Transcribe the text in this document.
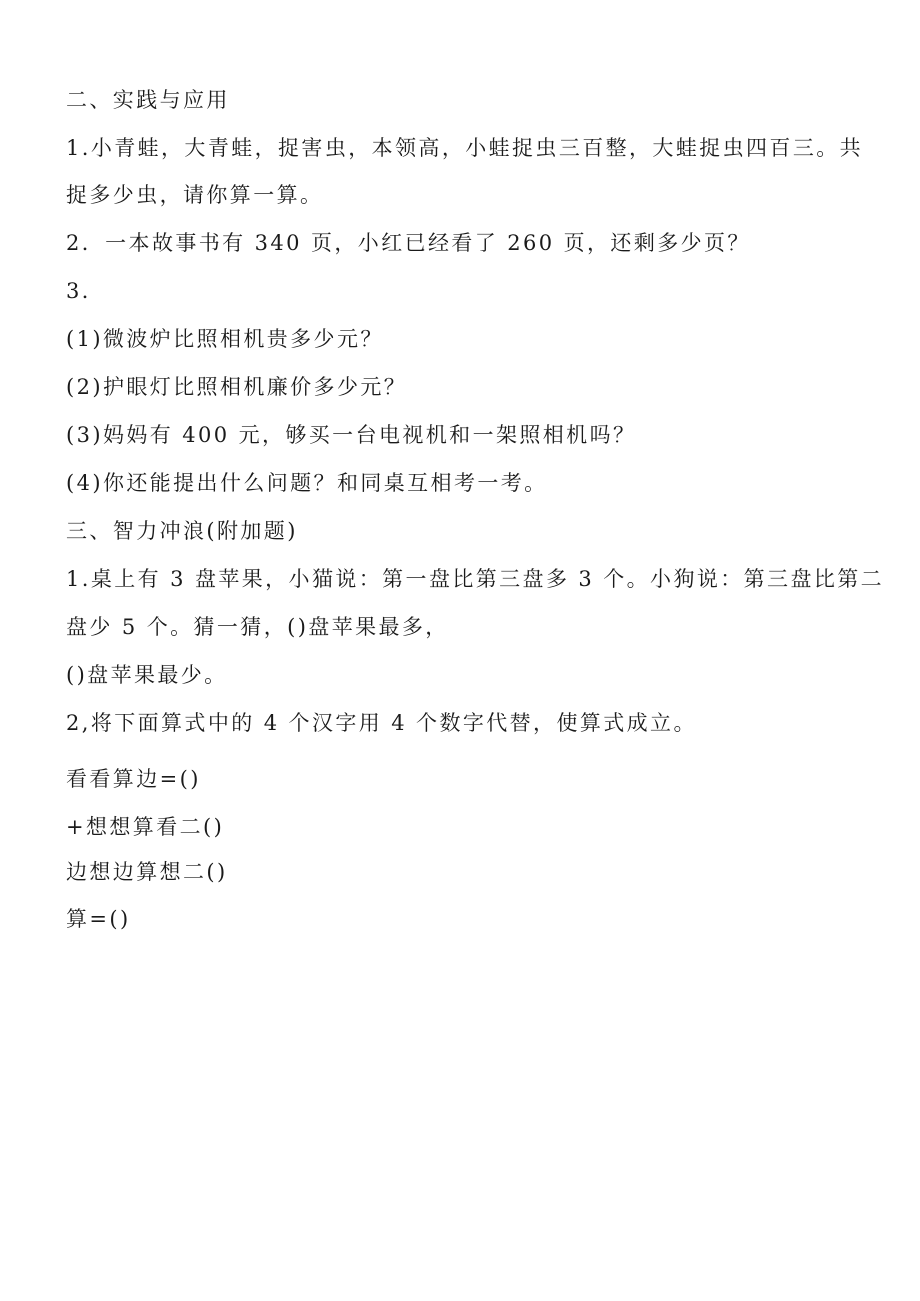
二、实践与应用
1.小青蛙，大青蛙，捉害虫，本领高，小蛙捉虫三百整，大蛙捉虫四百三。共
捉多少虫，请你算一算。
2．一本故事书有 340 页，小红已经看了 260 页，还剩多少页？
3．
(1)微波炉比照相机贵多少元？
(2)护眼灯比照相机廉价多少元？
(3)妈妈有 400 元，够买一台电视机和一架照相机吗？
(4)你还能提出什么问题？和同桌互相考一考。
三、智力冲浪(附加题)
1.桌上有 3 盘苹果，小猫说：第一盘比第三盘多 3 个。小狗说：第三盘比第二
盘少 5 个。猜一猜，()盘苹果最多，
()盘苹果最少。
2,将下面算式中的 4 个汉字用 4 个数字代替，使算式成立。
看看算边=()
+想想算看二()
边想边算想二()
算=()
